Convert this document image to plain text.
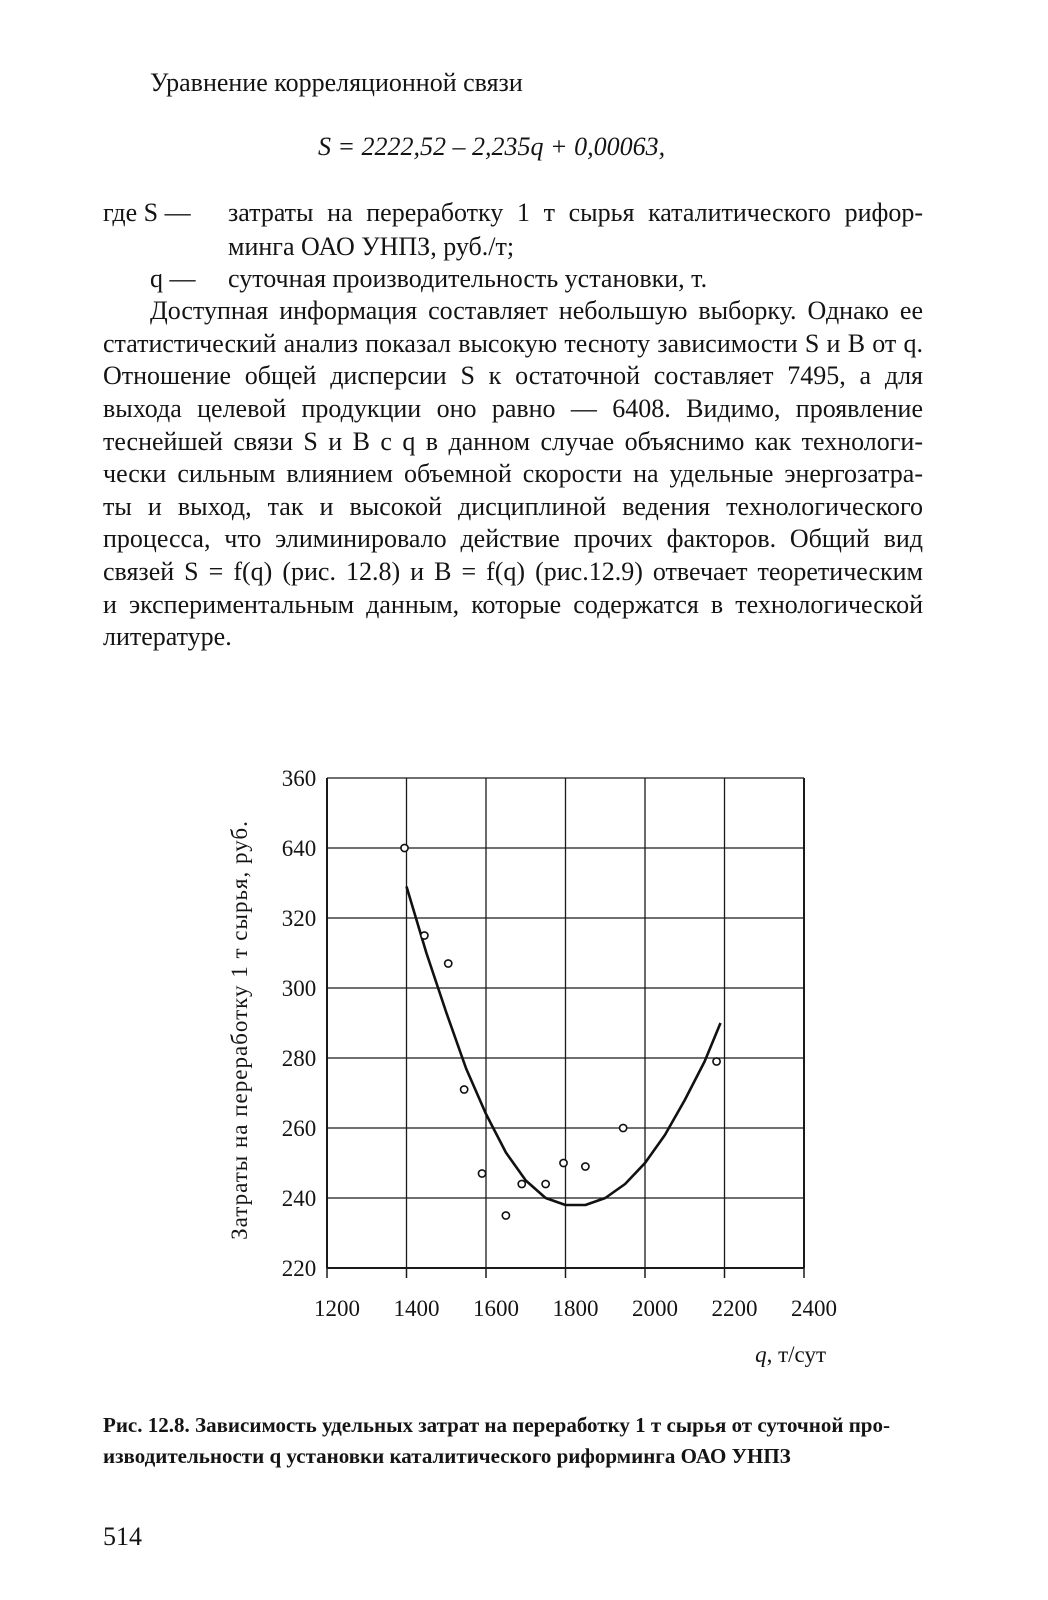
Уравнение корреляционной связи
S = 2222,52 – 2,235q + 0,00063,
где S — затраты на переработку 1 т сырья каталитического рифор-
минга ОАО УНПЗ, руб./т;
q — суточная производительность установки, т.
Доступная информация составляет небольшую выборку. Однако ее
статистический анализ показал высокую тесноту зависимости S и B от q.
Отношение общей дисперсии S к остаточной составляет 7495, а для
выхода целевой продукции оно равно — 6408. Видимо, проявление
теснейшей связи S и B с q в данном случае объяснимо как технологи-
чески сильным влиянием объемной скорости на удельные энергозатра-
ты и выход, так и высокой дисциплиной ведения технологического
процесса, что элиминировало действие прочих факторов. Общий вид
связей S = f(q) (рис. 12.8) и B = f(q) (рис.12.9) отвечает теоретическим
и экспериментальным данным, которые содержатся в технологической
литературе.
360
640
320
300
280
260
240
220
1200 1400 1600 1800 2000 2200 2400
Затраты на переработку 1 т сырья, руб.
q, т/сут
Рис. 12.8. Зависимость удельных затрат на переработку 1 т сырья от суточной про-
изводительности q установки каталитического риформинга ОАО УНПЗ
514
